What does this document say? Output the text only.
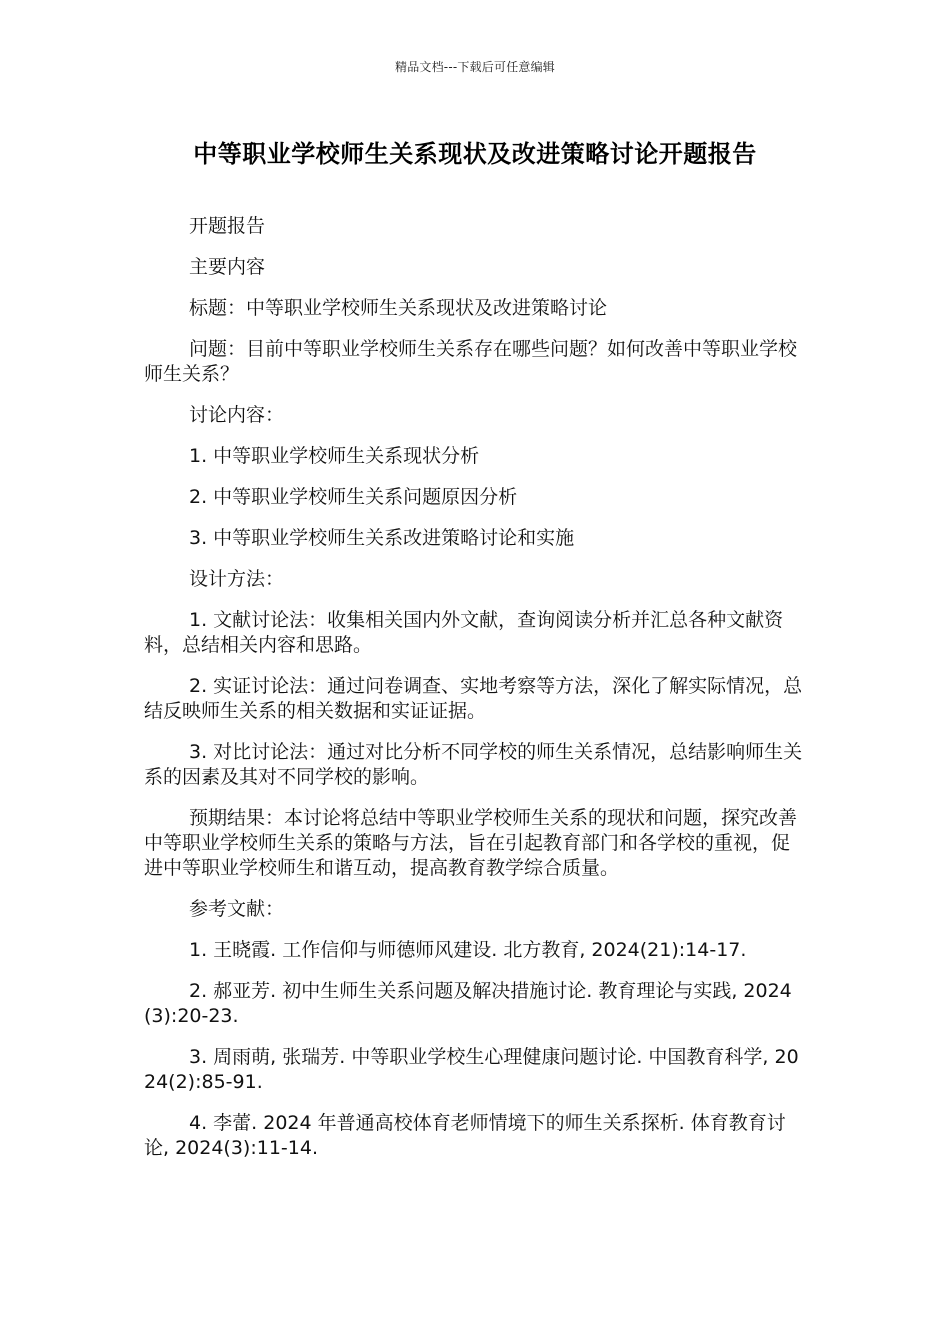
精品文档---下载后可任意编辑
中等职业学校师生关系现状及改进策略讨论开题报告

开题报告

主要内容

标题：中等职业学校师生关系现状及改进策略讨论

问题：目前中等职业学校师生关系存在哪些问题？如何改善中等职业学校师生关系？

讨论内容：

1. 中等职业学校师生关系现状分析

2. 中等职业学校师生关系问题原因分析

3. 中等职业学校师生关系改进策略讨论和实施

设计方法：

1. 文献讨论法：收集相关国内外文献，查询阅读分析并汇总各种文献资料，总结相关内容和思路。

2. 实证讨论法：通过问卷调查、实地考察等方法，深化了解实际情况，总结反映师生关系的相关数据和实证证据。

3. 对比讨论法：通过对比分析不同学校的师生关系情况，总结影响师生关系的因素及其对不同学校的影响。

预期结果：本讨论将总结中等职业学校师生关系的现状和问题，探究改善中等职业学校师生关系的策略与方法，旨在引起教育部门和各学校的重视，促进中等职业学校师生和谐互动，提高教育教学综合质量。

参考文献：

1. 王晓霞. 工作信仰与师德师风建设. 北方教育, 2024(21):14-17.

2. 郝亚芳. 初中生师生关系问题及解决措施讨论. 教育理论与实践, 2024(3):20-23.

3. 周雨萌, 张瑞芳. 中等职业学校生心理健康问题讨论. 中国教育科学, 2024(2):85-91.

4. 李蕾. 2024 年普通高校体育老师情境下的师生关系探析. 体育教育讨论, 2024(3):11-14.
